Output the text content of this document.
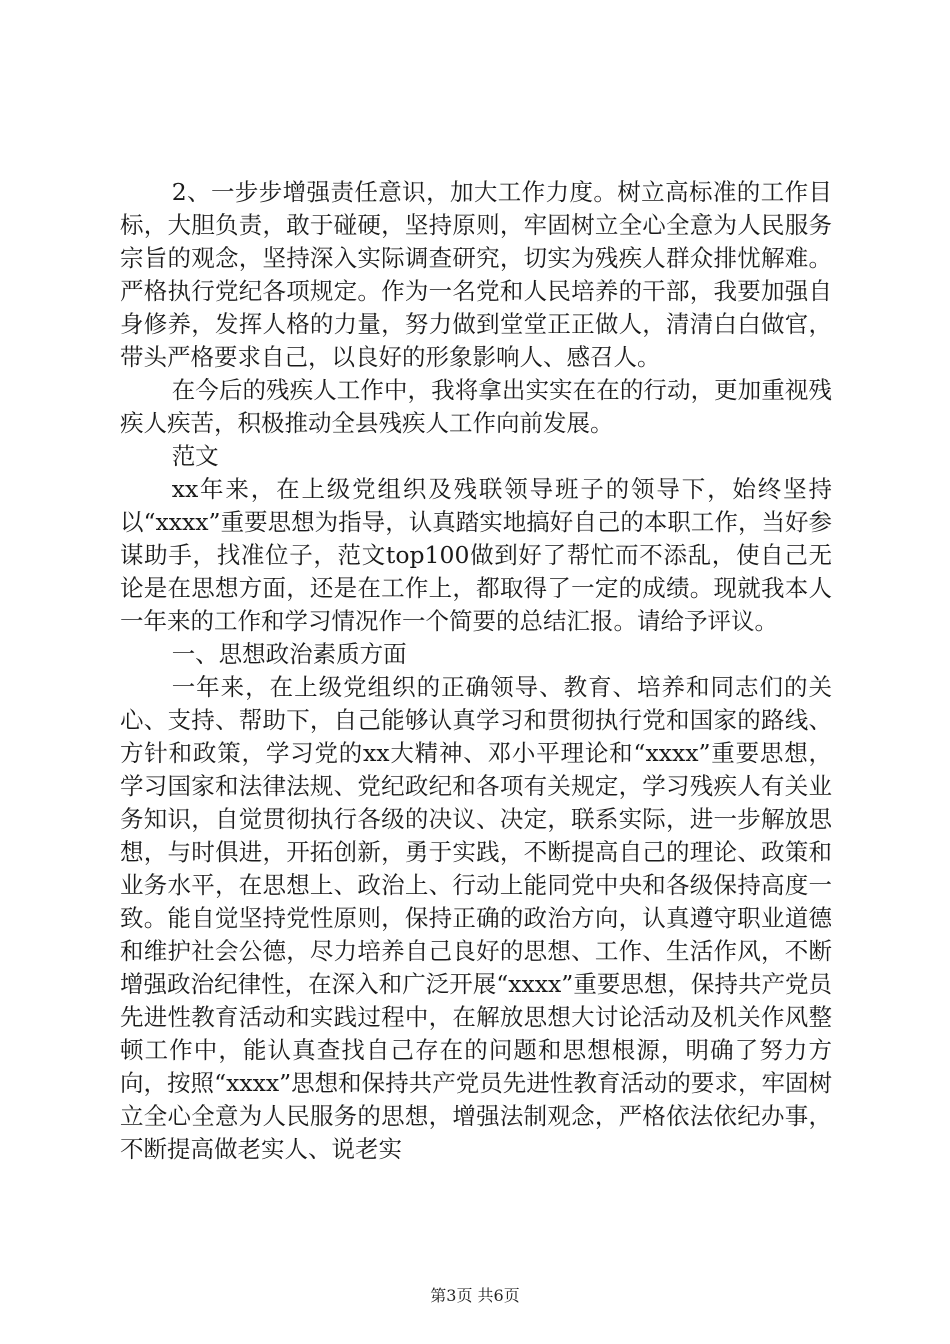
2、一步步增强责任意识，加大工作力度。树立高标准的工作目标，大胆负责，敢于碰硬，坚持原则，牢固树立全心全意为人民服务宗旨的观念，坚持深入实际调查研究，切实为残疾人群众排忧解难。严格执行党纪各项规定。作为一名党和人民培养的干部，我要加强自身修养，发挥人格的力量，努力做到堂堂正正做人，清清白白做官，带头严格要求自己，以良好的形象影响人、感召人。

在今后的残疾人工作中，我将拿出实实在在的行动，更加重视残疾人疾苦，积极推动全县残疾人工作向前发展。

范文

xx年来，在上级党组织及残联领导班子的领导下，始终坚持以“xxxx”重要思想为指导，认真踏实地搞好自己的本职工作，当好参谋助手，找准位子，范文top100做到好了帮忙而不添乱，使自己无论是在思想方面，还是在工作上，都取得了一定的成绩。现就我本人一年来的工作和学习情况作一个简要的总结汇报。请给予评议。

一、思想政治素质方面

一年来，在上级党组织的正确领导、教育、培养和同志们的关心、支持、帮助下，自己能够认真学习和贯彻执行党和国家的路线、方针和政策，学习党的xx大精神、邓小平理论和“xxxx”重要思想，学习国家和法律法规、党纪政纪和各项有关规定，学习残疾人有关业务知识，自觉贯彻执行各级的决议、决定，联系实际，进一步解放思想，与时俱进，开拓创新，勇于实践，不断提高自己的理论、政策和业务水平，在思想上、政治上、行动上能同党中央和各级保持高度一致。能自觉坚持党性原则，保持正确的政治方向，认真遵守职业道德和维护社会公德，尽力培养自己良好的思想、工作、生活作风，不断增强政治纪律性，在深入和广泛开展“xxxx”重要思想，保持共产党员先进性教育活动和实践过程中，在解放思想大讨论活动及机关作风整顿工作中，能认真查找自己存在的问题和思想根源，明确了努力方向，按照“xxxx”思想和保持共产党员先进性教育活动的要求，牢固树立全心全意为人民服务的思想，增强法制观念，严格依法依纪办事，不断提高做老实人、说老实

第3页 共6页
